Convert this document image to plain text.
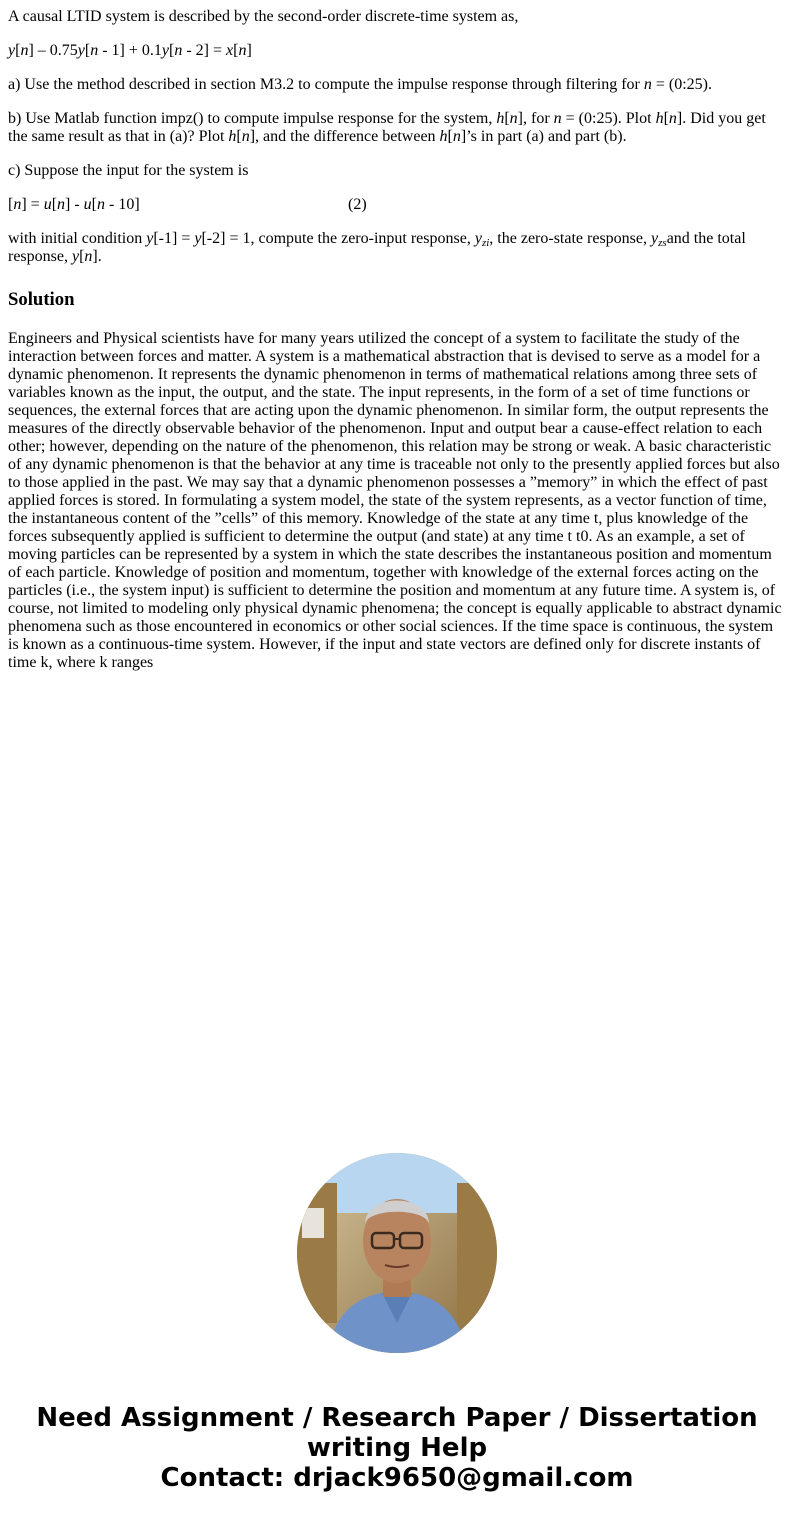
A causal LTID system is described by the second-order discrete-time system as,

y[n] – 0.75y[n - 1] + 0.1y[n - 2] = x[n]

a) Use the method described in section M3.2 to compute the impulse response through filtering for n = (0:25).

b) Use Matlab function impz() to compute impulse response for the system, h[n], for n = (0:25). Plot h[n]. Did you get the same result as that in (a)? Plot h[n], and the difference between h[n]’s in part (a) and part (b).

c) Suppose the input for the system is

[n] = u[n] - u[n - 10]	(2)

with initial condition y[-1] = y[-2] = 1, compute the zero-input response, $y_{zi}$, the zero-state response, $y_{zs}and$ the total response, y[n].

Solution

Engineers and Physical scientists have for many years utilized the concept of a system to facilitate the study of the interaction between forces and matter. A system is a mathematical abstraction that is devised to serve as a model for a dynamic phenomenon. It represents the dynamic phenomenon in terms of mathematical relations among three sets of variables known as the input, the output, and the state. The input represents, in the form of a set of time functions or sequences, the external forces that are acting upon the dynamic phenomenon. In similar form, the output represents the measures of the directly observable behavior of the phenomenon. Input and output bear a cause-effect relation to each other; however, depending on the nature of the phenomenon, this relation may be strong or weak. A basic characteristic of any dynamic phenomenon is that the behavior at any time is traceable not only to the presently applied forces but also to those applied in the past. We may say that a dynamic phenomenon possesses a ”memory” in which the effect of past applied forces is stored. In formulating a system model, the state of the system represents, as a vector function of time, the instantaneous content of the ”cells” of this memory. Knowledge of the state at any time t, plus knowledge of the forces subsequently applied is sufficient to determine the output (and state) at any time t t0. As an example, a set of moving particles can be represented by a system in which the state describes the instantaneous position and momentum of each particle. Knowledge of position and momentum, together with knowledge of the external forces acting on the particles (i.e., the system input) is sufficient to determine the position and momentum at any future time. A system is, of course, not limited to modeling only physical dynamic phenomena; the concept is equally applicable to abstract dynamic phenomena such as those encountered in economics or other social sciences. If the time space is continuous, the system is known as a continuous-time system. However, if the input and state vectors are defined only for discrete instants of time k, where k ranges

Need Assignment / Research Paper / Dissertation
writing Help
Contact: drjack9650@gmail.com
